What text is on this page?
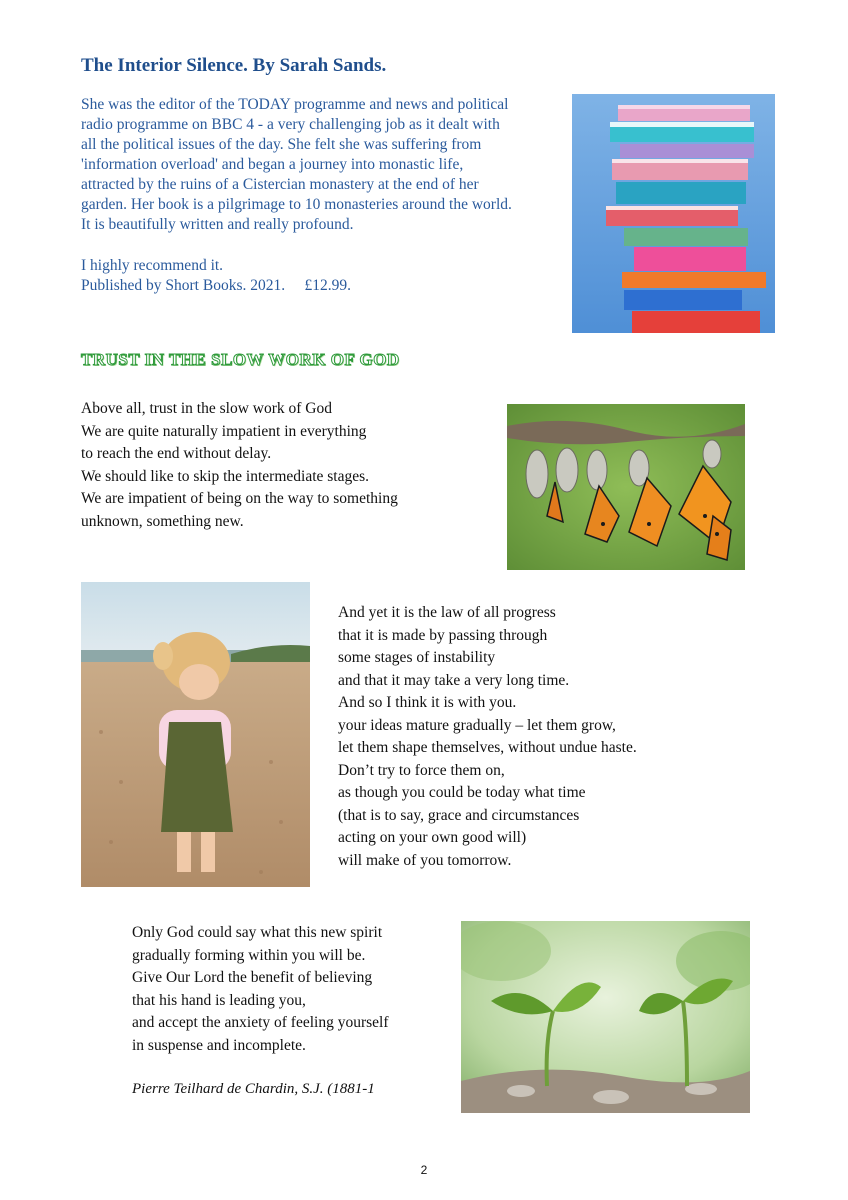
The Interior Silence. By Sarah Sands.

She was the editor of the TODAY programme and news and political

radio programme on BBC 4 - a very challenging job as it dealt with

all the political issues of the day. She felt she was suffering from

'information overload' and began a journey into monastic life,

attracted by the ruins of a Cistercian monastery at the end of her

garden. Her book is a pilgrimage to 10 monasteries around the world.

It is beautifully written and really profound.

I highly recommend it.

Published by Short Books. 2021.     £12.99.

TRUST IN THE SLOW WORK OF GOD
Above all, trust in the slow work of God
We are quite naturally impatient in everything
to reach the end without delay.
We should like to skip the intermediate stages.
We are impatient of being on the way to something
unknown, something new.
And yet it is the law of all progress
that it is made by passing through
some stages of instability
and that it may take a very long time.
And so I think it is with you.
your ideas mature gradually – let them grow,
let them shape themselves, without undue haste.
Don’t try to force them on,
as though you could be today what time
(that is to say, grace and circumstances
acting on your own good will)
will make of you tomorrow.
Only God could say what this new spirit
gradually forming within you will be.
Give Our Lord the benefit of believing
that his hand is leading you,
and accept the anxiety of feeling yourself
in suspense and incomplete.
Pierre Teilhard de Chardin, S.J. (1881-1
2
